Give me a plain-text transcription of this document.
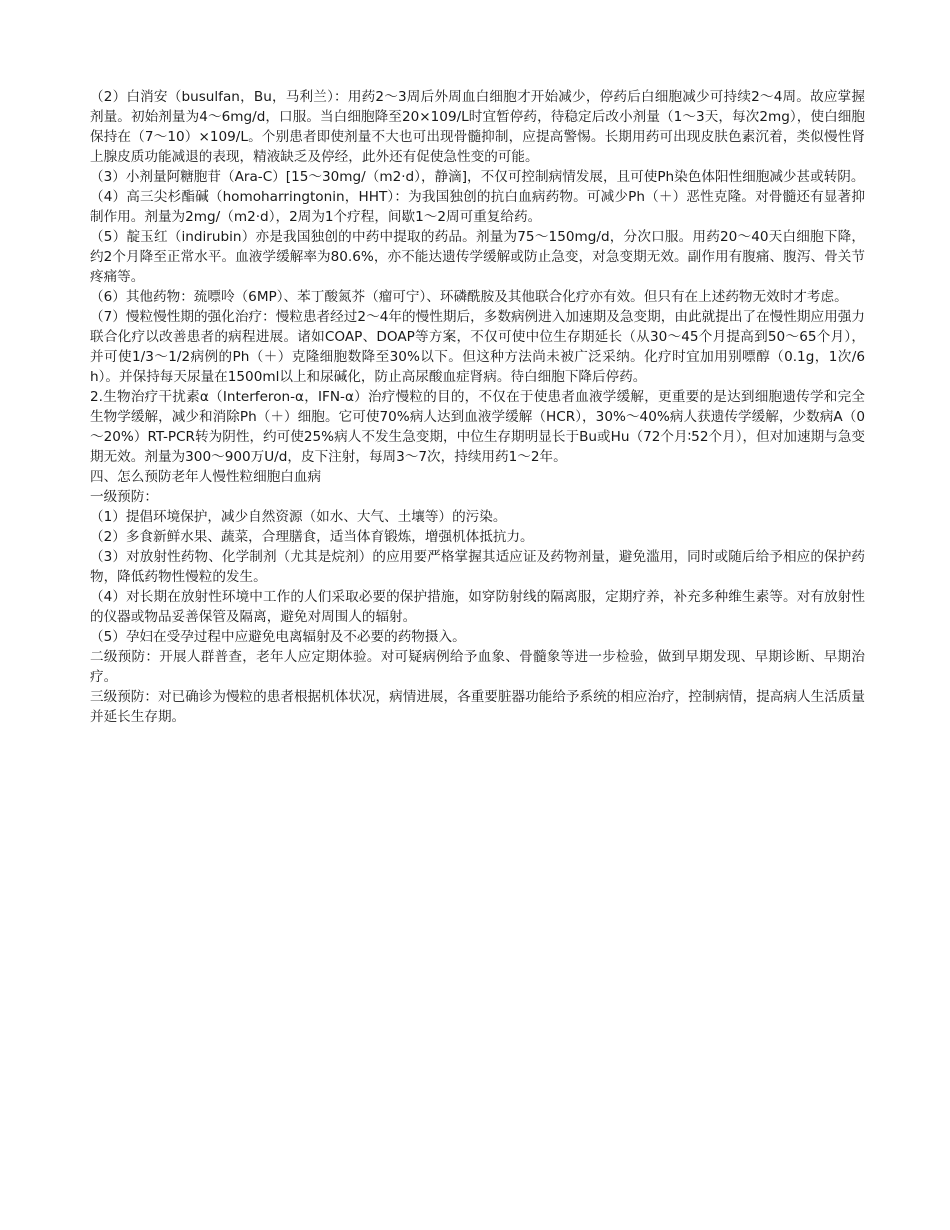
（2）白消安（busulfan，Bu，马利兰）：用药2～3周后外周血白细胞才开始减少，停药后白细胞减少可持续2～4周。故应掌握剂量。初始剂量为4～6mg/d，口服。当白细胞降至20×109/L时宜暂停药，待稳定后改小剂量（1～3天，每次2mg），使白细胞保持在（7～10）×109/L。个别患者即使剂量不大也可出现骨髓抑制，应提高警惕。长期用药可出现皮肤色素沉着，类似慢性肾上腺皮质功能减退的表现，精液缺乏及停经，此外还有促使急性变的可能。

（3）小剂量阿糖胞苷（Ara-C）[15～30mg/（m2·d），静滴]，不仅可控制病情发展，且可使Ph染色体阳性细胞减少甚或转阴。

（4）高三尖杉酯碱（homoharringtonin，HHT）：为我国独创的抗白血病药物。可减少Ph（＋）恶性克隆。对骨髓还有显著抑制作用。剂量为2mg/（m2·d），2周为1个疗程，间歇1～2周可重复给药。

（5）靛玉红（indirubin）亦是我国独创的中药中提取的药品。剂量为75～150mg/d，分次口服。用药20～40天白细胞下降，约2个月降至正常水平。血液学缓解率为80.6%，亦不能达遗传学缓解或防止急变，对急变期无效。副作用有腹痛、腹泻、骨关节疼痛等。

（6）其他药物：巯嘌呤（6MP）、苯丁酸氮芥（瘤可宁）、环磷酰胺及其他联合化疗亦有效。但只有在上述药物无效时才考虑。

（7）慢粒慢性期的强化治疗：慢粒患者经过2～4年的慢性期后，多数病例进入加速期及急变期，由此就提出了在慢性期应用强力联合化疗以改善患者的病程进展。诸如COAP、DOAP等方案，不仅可使中位生存期延长（从30～45个月提高到50～65个月），并可使1/3～1/2病例的Ph（＋）克隆细胞数降至30%以下。但这种方法尚未被广泛采纳。化疗时宜加用别嘌醇（0.1g，1次/6h）。并保持每天尿量在1500ml以上和尿碱化，防止高尿酸血症肾病。待白细胞下降后停药。

2.生物治疗干扰素α（Interferon-α，IFN-α）治疗慢粒的目的，不仅在于使患者血液学缓解，更重要的是达到细胞遗传学和完全生物学缓解，减少和消除Ph（＋）细胞。它可使70%病人达到血液学缓解（HCR），30%～40%病人获遗传学缓解，少数病A（0～20%）RT-PCR转为阴性，约可使25%病人不发生急变期，中位生存期明显长于Bu或Hu（72个月∶52个月），但对加速期与急变期无效。剂量为300～900万U/d，皮下注射，每周3～7次，持续用药1～2年。

四、怎么预防老年人慢性粒细胞白血病

一级预防：

（1）提倡环境保护，减少自然资源（如水、大气、土壤等）的污染。

（2）多食新鲜水果、蔬菜，合理膳食，适当体育锻炼，增强机体抵抗力。

（3）对放射性药物、化学制剂（尤其是烷剂）的应用要严格掌握其适应证及药物剂量，避免滥用，同时或随后给予相应的保护药物，降低药物性慢粒的发生。

（4）对长期在放射性环境中工作的人们采取必要的保护措施，如穿防射线的隔离服，定期疗养，补充多种维生素等。对有放射性的仪器或物品妥善保管及隔离，避免对周围人的辐射。

（5）孕妇在受孕过程中应避免电离辐射及不必要的药物摄入。

二级预防：开展人群普查，老年人应定期体验。对可疑病例给予血象、骨髓象等进一步检验，做到早期发现、早期诊断、早期治疗。

三级预防：对已确诊为慢粒的患者根据机体状况，病情进展，各重要脏器功能给予系统的相应治疗，控制病情，提高病人生活质量并延长生存期。
